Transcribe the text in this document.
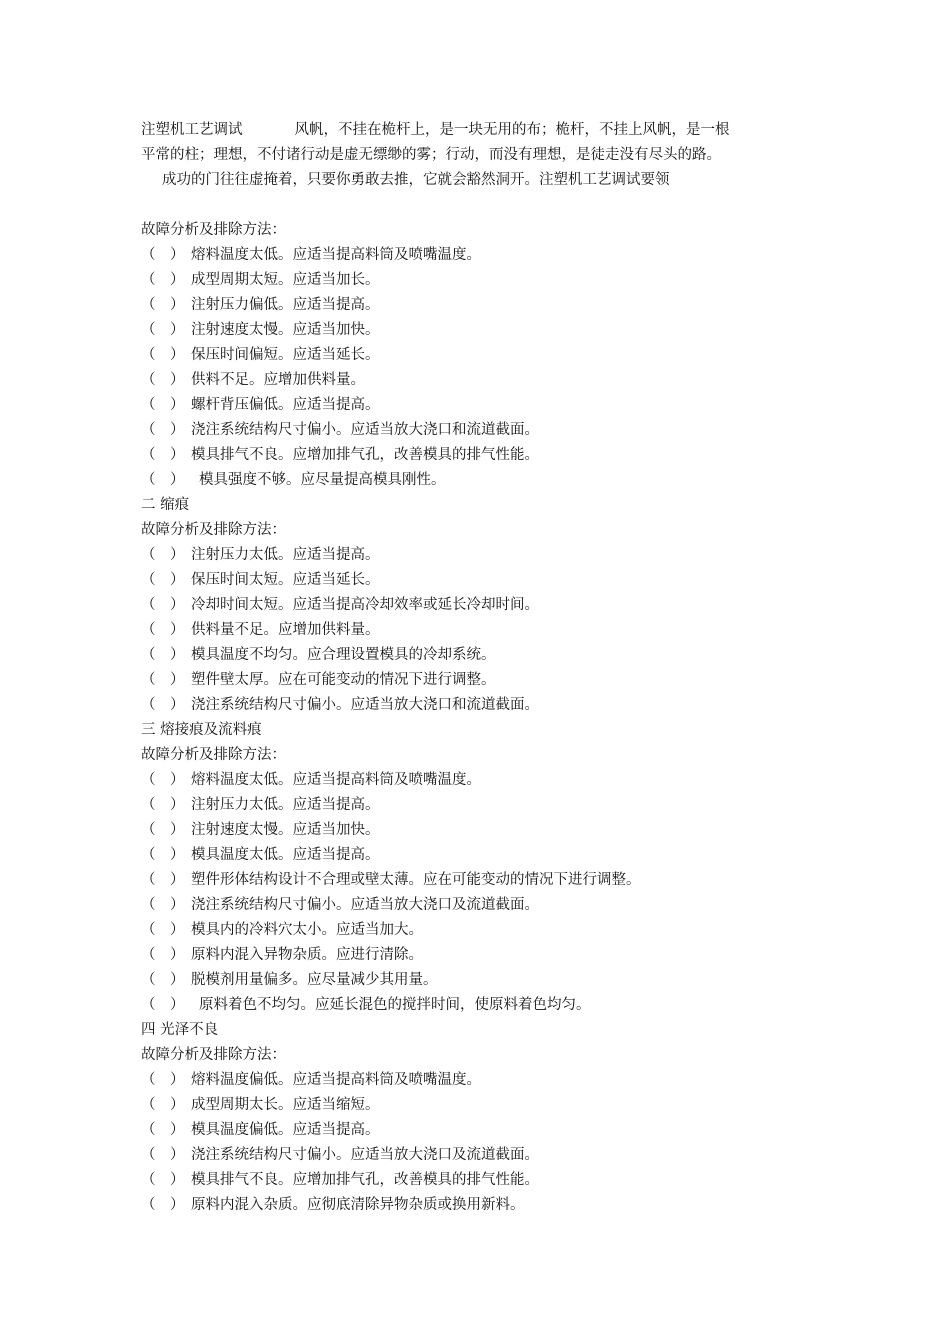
注塑机工艺调试	风帆，不挂在桅杆上，是一块无用的布；桅杆，不挂上风帆，是一根
平常的柱；理想，不付诸行动是虚无缥缈的雾；行动，而没有理想，是徒走没有尽头的路。
成功的门往往虚掩着，只要你勇敢去推，它就会豁然洞开。注塑机工艺调试要领
故障分析及排除方法：
（　） 熔料温度太低。应适当提高料筒及喷嘴温度。
（　） 成型周期太短。应适当加长。
（　） 注射压力偏低。应适当提高。
（　） 注射速度太慢。应适当加快。
（　） 保压时间偏短。应适当延长。
（　） 供料不足。应增加供料量。
（　） 螺杆背压偏低。应适当提高。
（　） 浇注系统结构尺寸偏小。应适当放大浇口和流道截面。
（　） 模具排气不良。应增加排气孔，改善模具的排气性能。
（　） 模具强度不够。应尽量提高模具刚性。
二 缩痕
故障分析及排除方法：
（　） 注射压力太低。应适当提高。
（　） 保压时间太短。应适当延长。
（　） 冷却时间太短。应适当提高冷却效率或延长冷却时间。
（　） 供料量不足。应增加供料量。
（　） 模具温度不均匀。应合理设置模具的冷却系统。
（　） 塑件壁太厚。应在可能变动的情况下进行调整。
（　） 浇注系统结构尺寸偏小。应适当放大浇口和流道截面。
三 熔接痕及流料痕
故障分析及排除方法：
（　） 熔料温度太低。应适当提高料筒及喷嘴温度。
（　） 注射压力太低。应适当提高。
（　） 注射速度太慢。应适当加快。
（　） 模具温度太低。应适当提高。
（　） 塑件形体结构设计不合理或壁太薄。应在可能变动的情况下进行调整。
（　） 浇注系统结构尺寸偏小。应适当放大浇口及流道截面。
（　） 模具内的冷料穴太小。应适当加大。
（　） 原料内混入异物杂质。应进行清除。
（　） 脱模剂用量偏多。应尽量减少其用量。
（　） 原料着色不均匀。应延长混色的搅拌时间，使原料着色均匀。
四 光泽不良
故障分析及排除方法：
（　） 熔料温度偏低。应适当提高料筒及喷嘴温度。
（　） 成型周期太长。应适当缩短。
（　） 模具温度偏低。应适当提高。
（　） 浇注系统结构尺寸偏小。应适当放大浇口及流道截面。
（　） 模具排气不良。应增加排气孔，改善模具的排气性能。
（　） 原料内混入杂质。应彻底清除异物杂质或换用新料。
